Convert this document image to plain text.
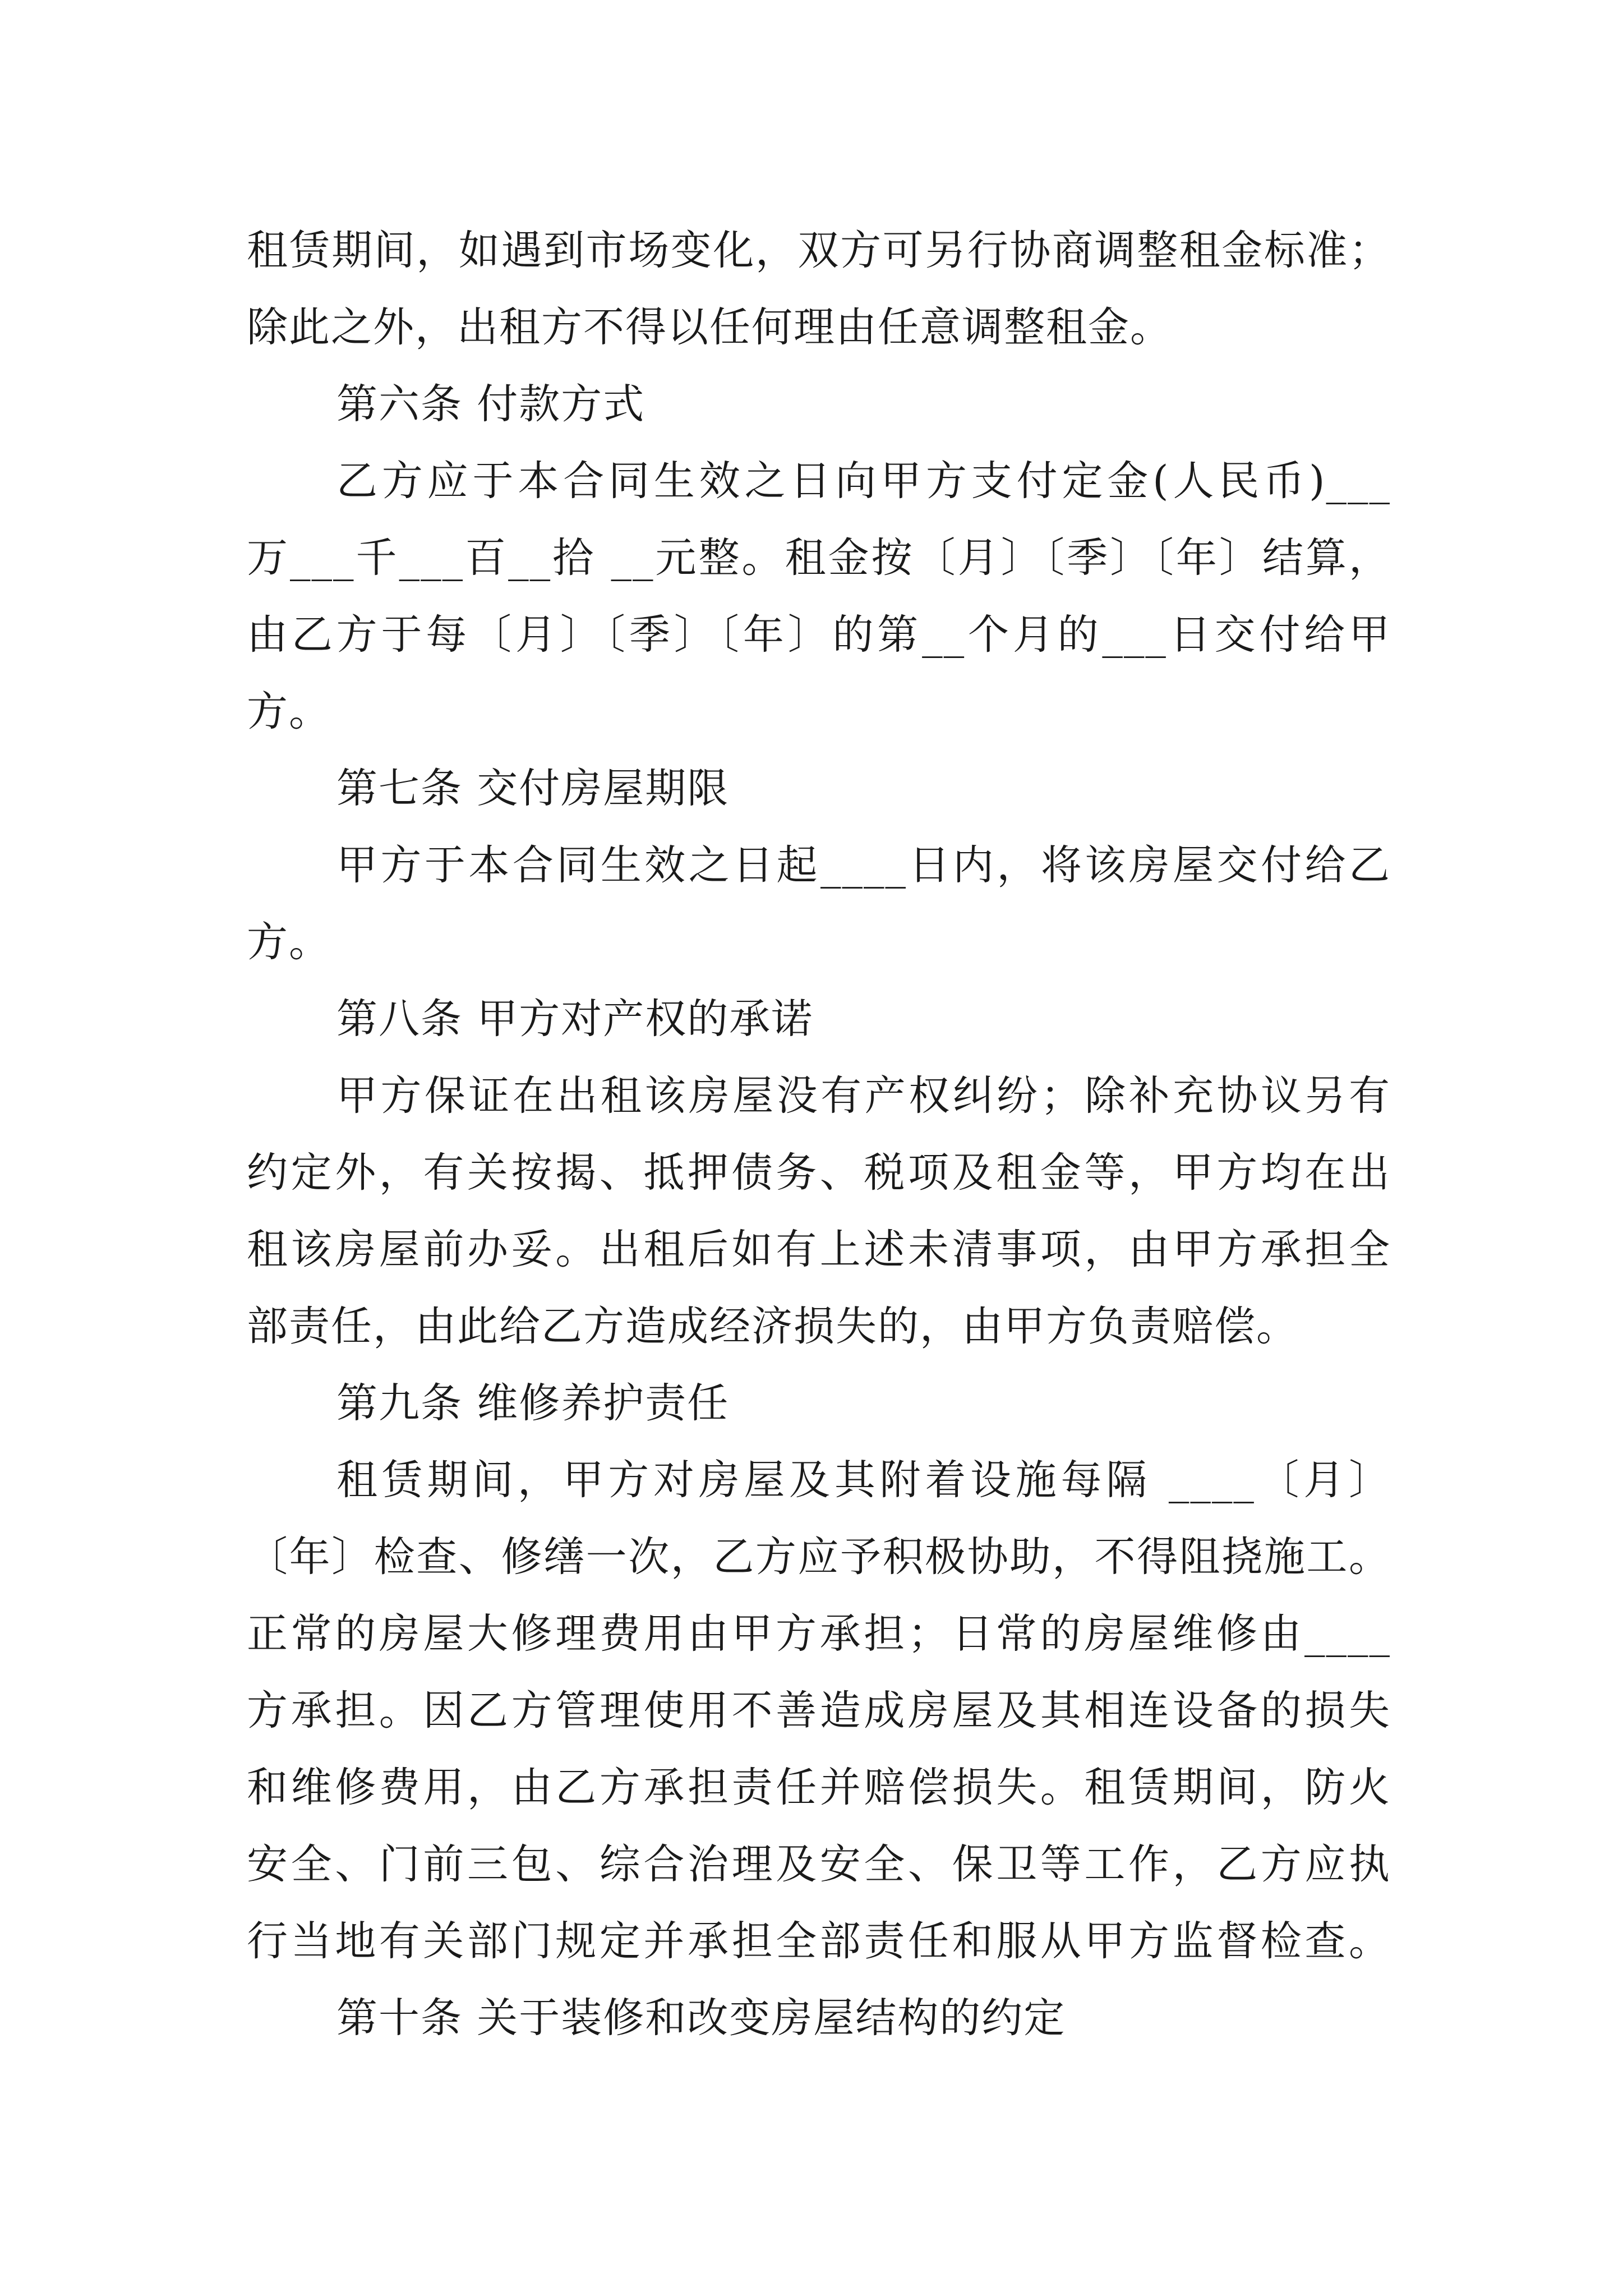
租赁期间，如遇到市场变化，双方可另行协商调整租金标准；
除此之外，出租方不得以任何理由任意调整租金。
第六条 付款方式
乙方应于本合同生效之日向甲方支付定金(人民币)___
万___千___百__拾 __元整。租金按〔月〕〔季〕〔年〕结算，
由乙方于每〔月〕〔季〕〔年〕的第__个月的___日交付给甲
方。
第七条 交付房屋期限
甲方于本合同生效之日起____日内，将该房屋交付给乙
方。
第八条 甲方对产权的承诺
甲方保证在出租该房屋没有产权纠纷；除补充协议另有
约定外，有关按揭、抵押债务、税项及租金等，甲方均在出
租该房屋前办妥。出租后如有上述未清事项，由甲方承担全
部责任，由此给乙方造成经济损失的，由甲方负责赔偿。
第九条 维修养护责任
租赁期间，甲方对房屋及其附着设施每隔 ____〔月〕
〔年〕检查、修缮一次，乙方应予积极协助，不得阻挠施工。
正常的房屋大修理费用由甲方承担；日常的房屋维修由____
方承担。因乙方管理使用不善造成房屋及其相连设备的损失
和维修费用，由乙方承担责任并赔偿损失。租赁期间，防火
安全、门前三包、综合治理及安全、保卫等工作，乙方应执
行当地有关部门规定并承担全部责任和服从甲方监督检查。
第十条 关于装修和改变房屋结构的约定
